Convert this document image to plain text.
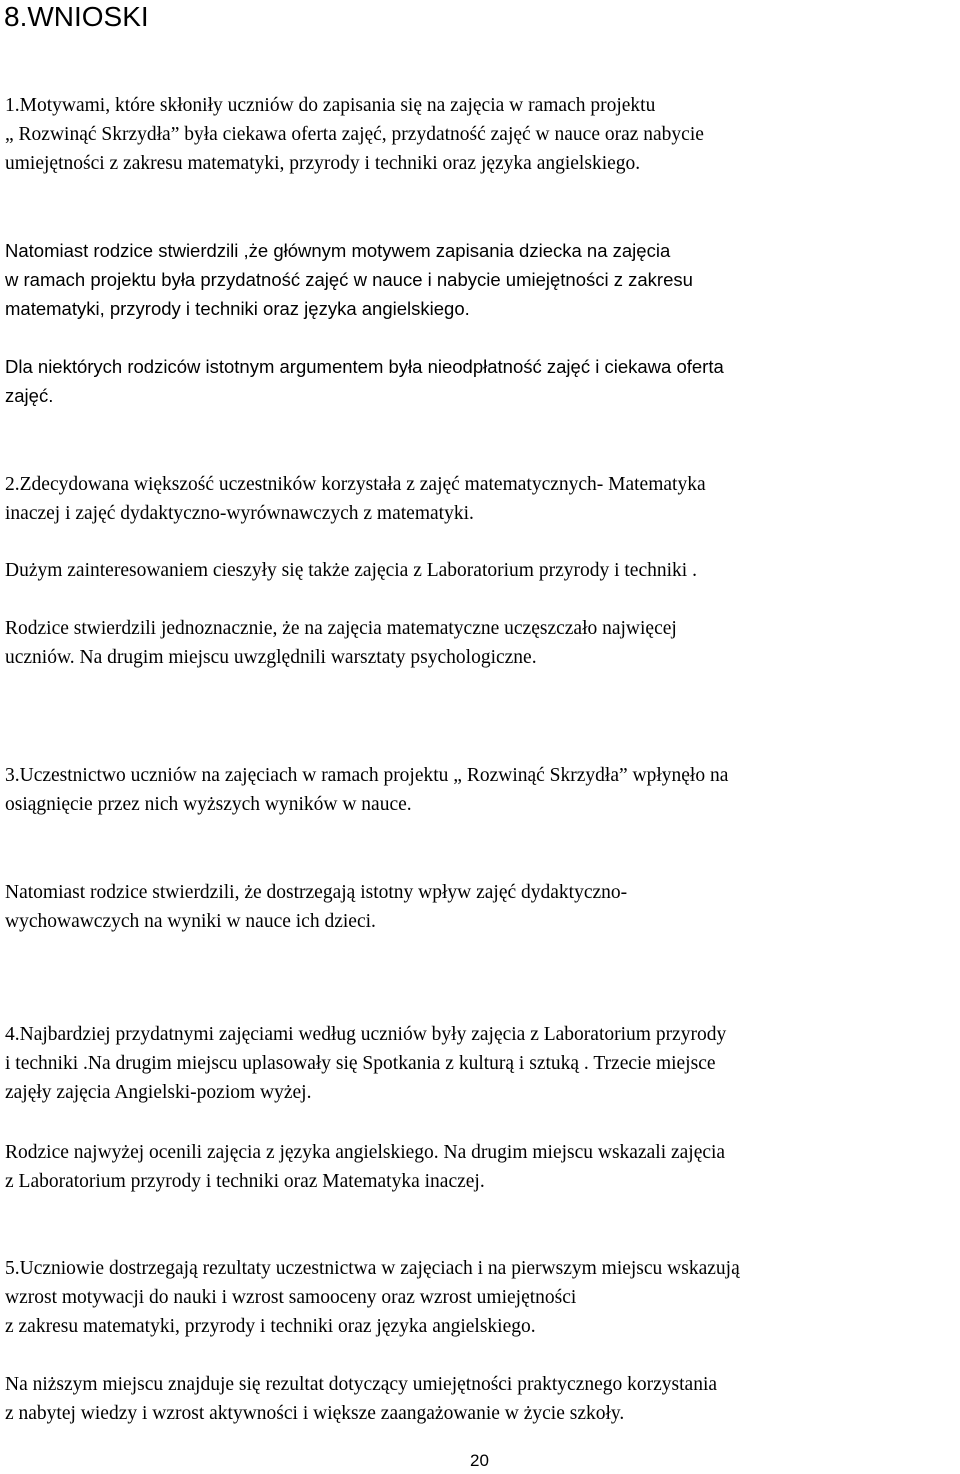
8.WNIOSKI

1.Motywami, które skłoniły uczniów do zapisania się na zajęcia w ramach projektu

„ Rozwinąć Skrzydła” była ciekawa oferta zajęć, przydatność zajęć w nauce oraz nabycie

umiejętności z zakresu matematyki, przyrody i techniki oraz języka angielskiego.

Natomiast rodzice stwierdzili ,że głównym motywem zapisania dziecka na zajęcia

w ramach projektu była przydatność zajęć w nauce i nabycie umiejętności z zakresu

matematyki, przyrody i techniki oraz języka angielskiego.

Dla niektórych rodziców istotnym argumentem była nieodpłatność zajęć i ciekawa oferta

zajęć.

2.Zdecydowana większość uczestników korzystała z zajęć matematycznych- Matematyka

inaczej i zajęć dydaktyczno-wyrównawczych z matematyki.

Dużym zainteresowaniem cieszyły się także zajęcia z Laboratorium przyrody i techniki .

Rodzice stwierdzili jednoznacznie, że na zajęcia matematyczne uczęszczało najwięcej

uczniów. Na drugim miejscu uwzględnili warsztaty psychologiczne.

3.Uczestnictwo uczniów na zajęciach w ramach projektu „ Rozwinąć Skrzydła” wpłynęło na

osiągnięcie przez nich wyższych wyników w nauce.

Natomiast rodzice stwierdzili, że dostrzegają istotny wpływ zajęć dydaktyczno-

wychowawczych na wyniki w nauce ich dzieci.

4.Najbardziej przydatnymi zajęciami według uczniów były zajęcia z Laboratorium przyrody

i techniki .Na drugim miejscu uplasowały się Spotkania z kulturą i sztuką . Trzecie miejsce

zajęły zajęcia Angielski-poziom wyżej.

Rodzice najwyżej ocenili zajęcia z języka angielskiego. Na drugim miejscu wskazali zajęcia

z Laboratorium przyrody i techniki oraz Matematyka inaczej.

5.Uczniowie dostrzegają rezultaty uczestnictwa w zajęciach i na pierwszym miejscu wskazują

wzrost motywacji do nauki i wzrost samooceny oraz wzrost umiejętności

z zakresu matematyki, przyrody i techniki oraz języka angielskiego.

Na niższym miejscu znajduje się rezultat dotyczący umiejętności praktycznego korzystania

z nabytej wiedzy i wzrost aktywności i większe zaangażowanie w życie szkoły.

20
